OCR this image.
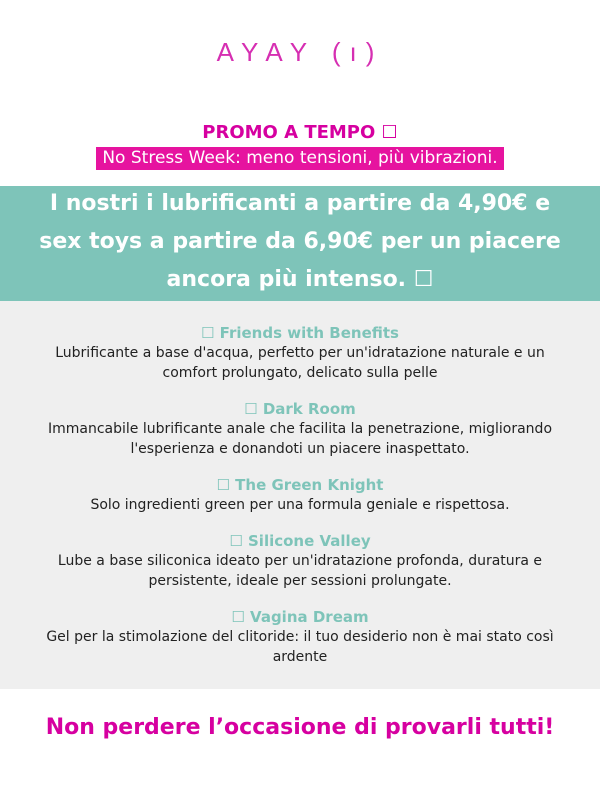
AYAY (ı)
PROMO A TEMPO ☐
No Stress Week: meno tensioni, più vibrazioni.
I nostri i lubrificanti a partire da 4,90€ e sex toys a partire da 6,90€ per un piacere ancora più intenso. ☐
☐ Friends with Benefits
Lubrificante a base d'acqua, perfetto per un'idratazione naturale e un comfort prolungato, delicato sulla pelle
☐ Dark Room
Immancabile lubrificante anale che facilita la penetrazione, migliorando l'esperienza e donandoti un piacere inaspettato.
☐ The Green Knight
Solo ingredienti green per una formula geniale e rispettosa.
☐ Silicone Valley
Lube a base siliconica ideato per un'idratazione profonda, duratura e persistente, ideale per sessioni prolungate.
☐ Vagina Dream
Gel per la stimolazione del clitoride: il tuo desiderio non è mai stato così ardente
Non perdere l’occasione di provarli tutti!
